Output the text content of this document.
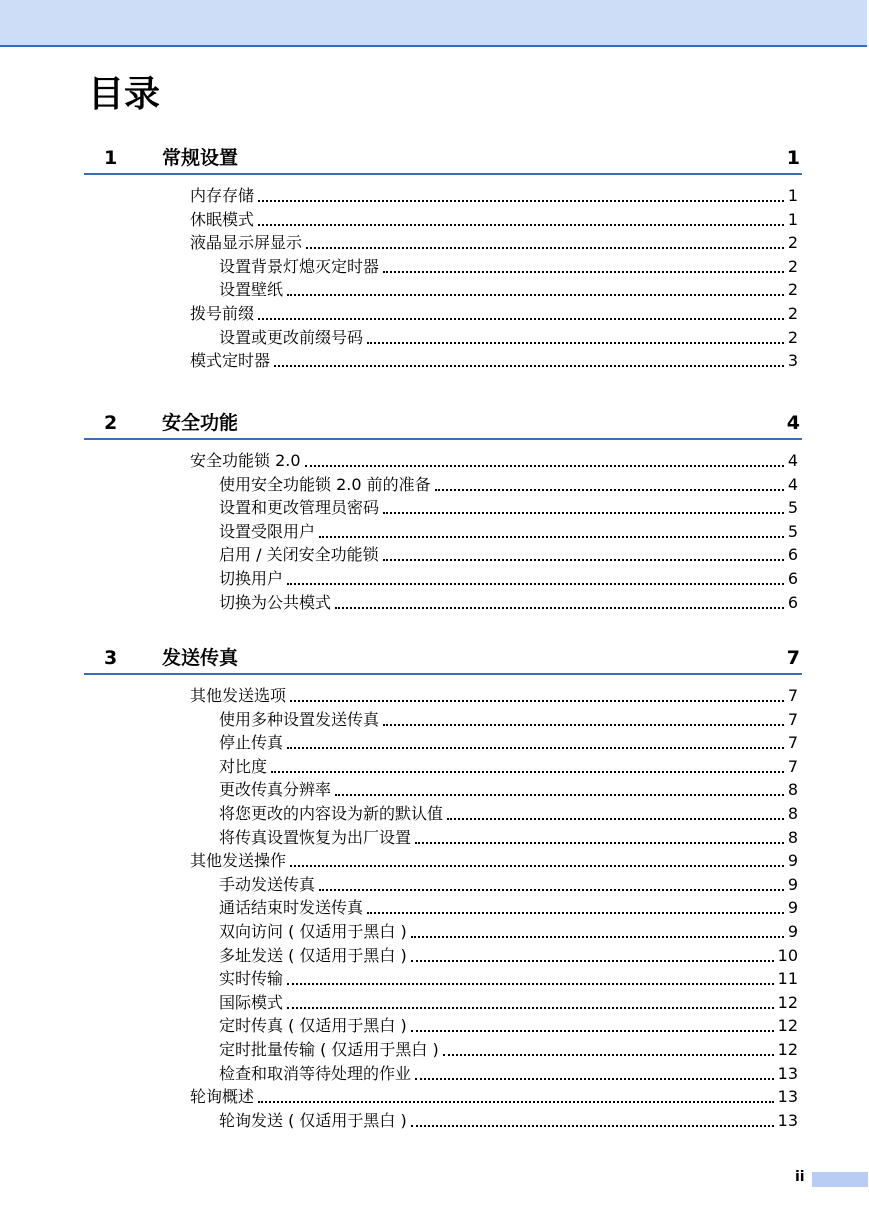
目录
1 常规设置	1
内存存储	1
休眠模式	1
液晶显示屏显示	2
设置背景灯熄灭定时器	2
设置壁纸	2
拨号前缀	2
设置或更改前缀号码	2
模式定时器	3
2 安全功能	4
安全功能锁 2.0	4
使用安全功能锁 2.0 前的准备	4
设置和更改管理员密码	5
设置受限用户	5
启用 / 关闭安全功能锁	6
切换用户	6
切换为公共模式	6
3 发送传真	7
其他发送选项	7
使用多种设置发送传真	7
停止传真	7
对比度	7
更改传真分辨率	8
将您更改的内容设为新的默认值	8
将传真设置恢复为出厂设置	8
其他发送操作	9
手动发送传真	9
通话结束时发送传真	9
双向访问 ( 仅适用于黑白 )	9
多址发送 ( 仅适用于黑白 )	10
实时传输	11
国际模式	12
定时传真 ( 仅适用于黑白 )	12
定时批量传输 ( 仅适用于黑白 )	12
检查和取消等待处理的作业	13
轮询概述	13
轮询发送 ( 仅适用于黑白 )	13
ii
